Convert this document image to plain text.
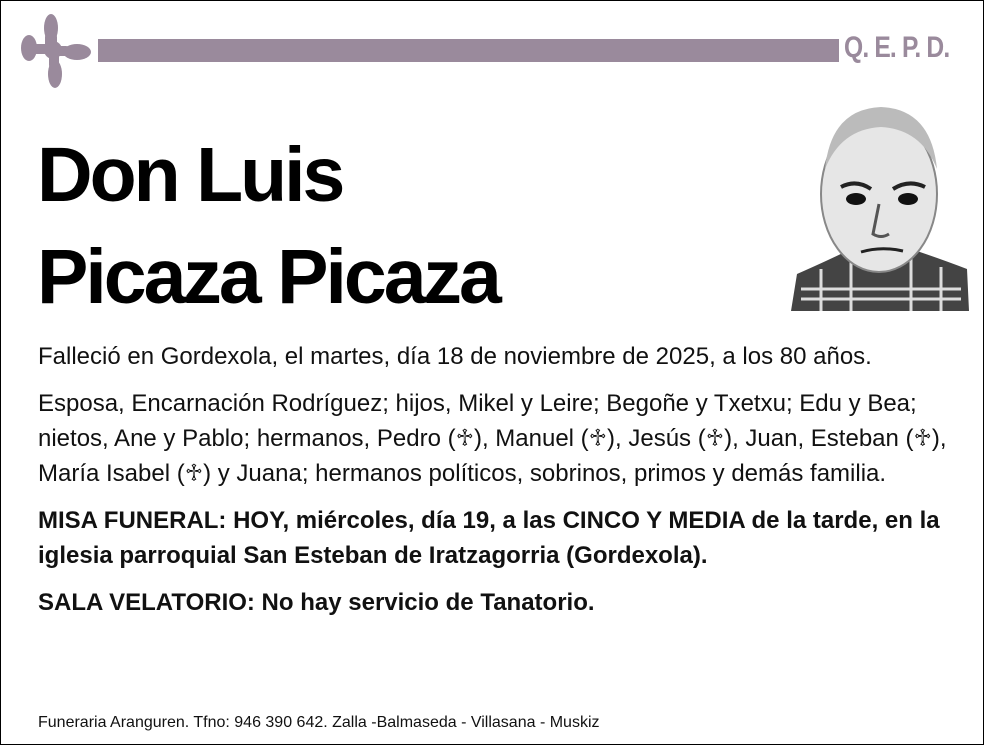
Q. E. P. D.
Don Luis
Picaza Picaza

Falleció en Gordexola, el martes, día 18 de noviembre de 2025, a los 80 años.

Esposa, Encarnación Rodríguez; hijos, Mikel y Leire; Begoñe y Txetxu; Edu y Bea; nietos, Ane y Pablo; hermanos, Pedro (♱), Manuel (♱), Jesús (♱), Juan, Esteban (♱), María Isabel (♱) y Juana; hermanos políticos, sobrinos, primos y demás familia.

MISA FUNERAL: HOY, miércoles, día 19, a las CINCO Y MEDIA de la tarde, en la iglesia parroquial San Esteban de Iratzagorria (Gordexola).

SALA VELATORIO: No hay servicio de Tanatorio.

Funeraria Aranguren. Tfno: 946 390 642. Zalla -Balmaseda - Villasana - Muskiz
